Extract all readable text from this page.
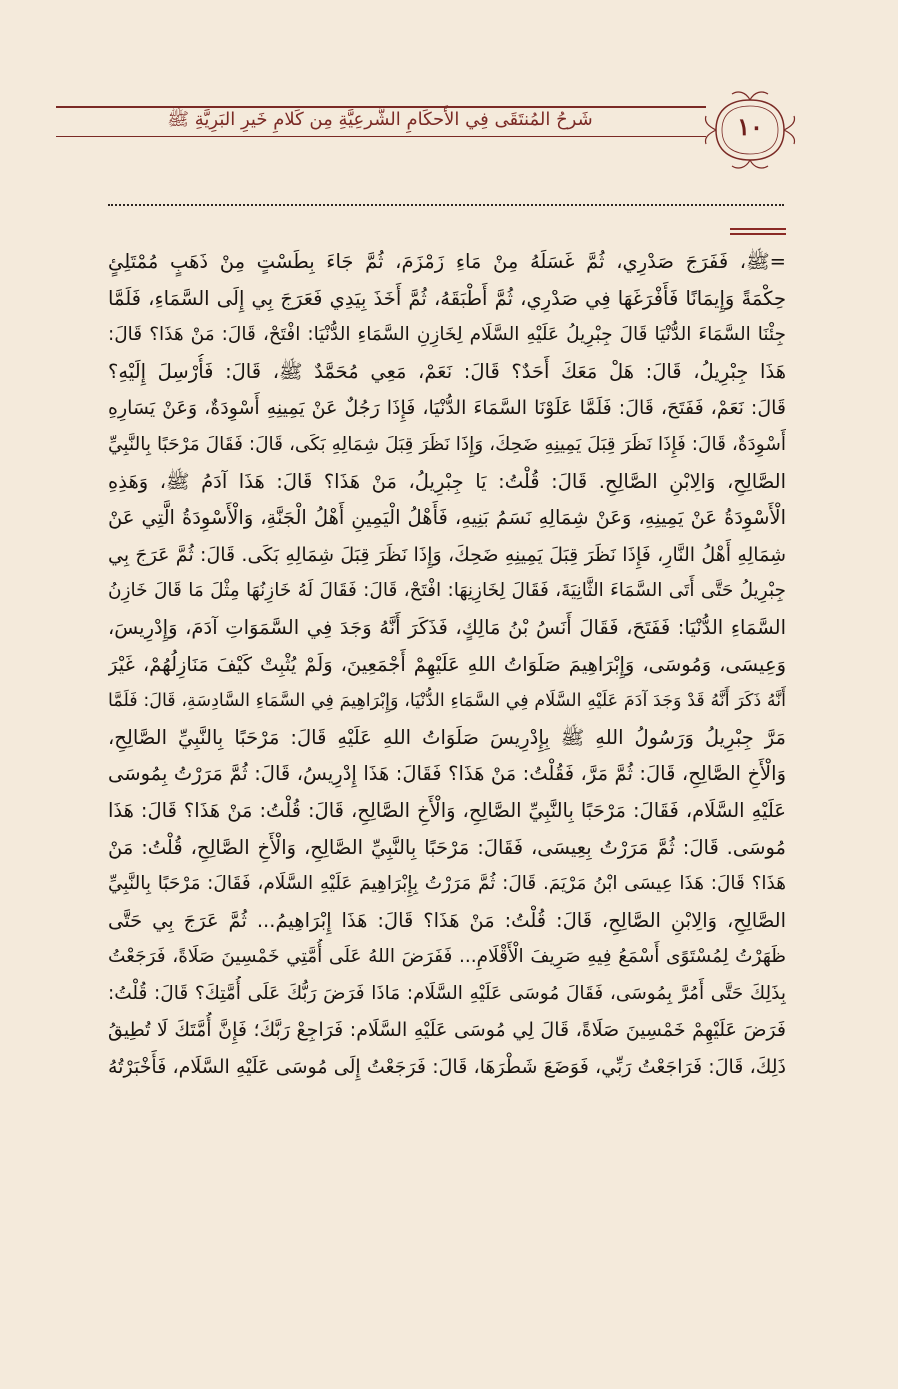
شَرحُ المُنتَقَى فِي الأَحكَامِ الشَّرعِيَّةِ مِن كَلامِ خَيرِ البَرِيَّةِ ﷺ	١٠
=ﷺ، فَفَرَجَ صَدْرِي، ثُمَّ غَسَلَهُ مِنْ مَاءِ زَمْزَمَ، ثُمَّ جَاءَ بِطَسْتٍ مِنْ ذَهَبٍ مُمْتَلِئٍ
حِكْمَةً وَإِيمَانًا فَأَفْرَغَهَا فِي صَدْرِي، ثُمَّ أَطْبَقَهُ، ثُمَّ أَخَذَ بِيَدِي فَعَرَجَ بِي إِلَى السَّمَاءِ، فَلَمَّا
جِئْنَا السَّمَاءَ الدُّنْيَا قَالَ جِبْرِيلُ عَلَيْهِ السَّلَام لِخَازِنِ السَّمَاءِ الدُّنْيَا: افْتَحْ، قَالَ: مَنْ هَذَا؟ قَالَ:
هَذَا جِبْرِيلُ، قَالَ: هَلْ مَعَكَ أَحَدٌ؟ قَالَ: نَعَمْ، مَعِي مُحَمَّدٌ ﷺ، قَالَ: فَأُرْسِلَ إِلَيْهِ؟
قَالَ: نَعَمْ، فَفَتَحَ، قَالَ: فَلَمَّا عَلَوْنَا السَّمَاءَ الدُّنْيَا، فَإِذَا رَجُلٌ عَنْ يَمِينِهِ أَسْوِدَةٌ، وَعَنْ يَسَارِهِ
أَسْوِدَةٌ، قَالَ: فَإِذَا نَظَرَ قِبَلَ يَمِينِهِ ضَحِكَ، وَإِذَا نَظَرَ قِبَلَ شِمَالِهِ بَكَى، قَالَ: فَقَالَ مَرْحَبًا بِالنَّبِيِّ
الصَّالِحِ، وَالِابْنِ الصَّالِحِ. قَالَ: قُلْتُ: يَا جِبْرِيلُ، مَنْ هَذَا؟ قَالَ: هَذَا آدَمُ ﷺ، وَهَذِهِ
الْأَسْوِدَةُ عَنْ يَمِينِهِ، وَعَنْ شِمَالِهِ نَسَمُ بَنِيهِ، فَأَهْلُ الْيَمِينِ أَهْلُ الْجَنَّةِ، وَالْأَسْوِدَةُ الَّتِي عَنْ
شِمَالِهِ أَهْلُ النَّارِ، فَإِذَا نَظَرَ قِبَلَ يَمِينِهِ ضَحِكَ، وَإِذَا نَظَرَ قِبَلَ شِمَالِهِ بَكَى. قَالَ: ثُمَّ عَرَجَ بِي
جِبْرِيلُ حَتَّى أَتَى السَّمَاءَ الثَّانِيَةَ، فَقَالَ لِخَازِنِهَا: افْتَحْ، قَالَ: فَقَالَ لَهُ خَازِنُهَا مِثْلَ مَا قَالَ خَازِنُ
السَّمَاءِ الدُّنْيَا: فَفَتَحَ، فَقَالَ أَنَسُ بْنُ مَالِكٍ، فَذَكَرَ أَنَّهُ وَجَدَ فِي السَّمَوَاتِ آدَمَ، وَإِدْرِيسَ،
وَعِيسَى، وَمُوسَى، وَإِبْرَاهِيمَ صَلَوَاتُ اللهِ عَلَيْهِمْ أَجْمَعِينَ، وَلَمْ يُثْبِتْ كَيْفَ مَنَازِلُهُمْ، غَيْرَ
أَنَّهُ ذَكَرَ أَنَّهُ قَدْ وَجَدَ آدَمَ عَلَيْهِ السَّلَام فِي السَّمَاءِ الدُّنْيَا، وَإِبْرَاهِيمَ فِي السَّمَاءِ السَّادِسَةِ، قَالَ: فَلَمَّا
مَرَّ جِبْرِيلُ وَرَسُولُ اللهِ ﷺ بِإِدْرِيسَ صَلَوَاتُ اللهِ عَلَيْهِ قَالَ: مَرْحَبًا بِالنَّبِيِّ الصَّالِحِ،
وَالْأَخِ الصَّالِحِ، قَالَ: ثُمَّ مَرَّ، فَقُلْتُ: مَنْ هَذَا؟ فَقَالَ: هَذَا إِدْرِيسُ، قَالَ: ثُمَّ مَرَرْتُ بِمُوسَى
عَلَيْهِ السَّلَام، فَقَالَ: مَرْحَبًا بِالنَّبِيِّ الصَّالِحِ، وَالْأَخِ الصَّالِحِ، قَالَ: قُلْتُ: مَنْ هَذَا؟ قَالَ: هَذَا
مُوسَى. قَالَ: ثُمَّ مَرَرْتُ بِعِيسَى، فَقَالَ: مَرْحَبًا بِالنَّبِيِّ الصَّالِحِ، وَالْأَخِ الصَّالِحِ، قُلْتُ: مَنْ
هَذَا؟ قَالَ: هَذَا عِيسَى ابْنُ مَرْيَمَ. قَالَ: ثُمَّ مَرَرْتُ بِإِبْرَاهِيمَ عَلَيْهِ السَّلَام، فَقَالَ: مَرْحَبًا بِالنَّبِيِّ
الصَّالِحِ، وَالِابْنِ الصَّالِحِ، قَالَ: قُلْتُ: مَنْ هَذَا؟ قَالَ: هَذَا إِبْرَاهِيمُ... ثُمَّ عَرَجَ بِي حَتَّى
ظَهَرْتُ لِمُسْتَوًى أَسْمَعُ فِيهِ صَرِيفَ الْأَقْلَامِ... فَفَرَضَ اللهُ عَلَى أُمَّتِي خَمْسِينَ صَلَاةً، فَرَجَعْتُ
بِذَلِكَ حَتَّى أَمُرَّ بِمُوسَى، فَقَالَ مُوسَى عَلَيْهِ السَّلَام: مَاذَا فَرَضَ رَبُّكَ عَلَى أُمَّتِكَ؟ قَالَ: قُلْتُ:
فَرَضَ عَلَيْهِمْ خَمْسِينَ صَلَاةً، قَالَ لِي مُوسَى عَلَيْهِ السَّلَام: فَرَاجِعْ رَبَّكَ؛ فَإِنَّ أُمَّتَكَ لَا تُطِيقُ
ذَلِكَ، قَالَ: فَرَاجَعْتُ رَبِّي، فَوَضَعَ شَطْرَهَا، قَالَ: فَرَجَعْتُ إِلَى مُوسَى عَلَيْهِ السَّلَام، فَأَخْبَرْتُهُ
